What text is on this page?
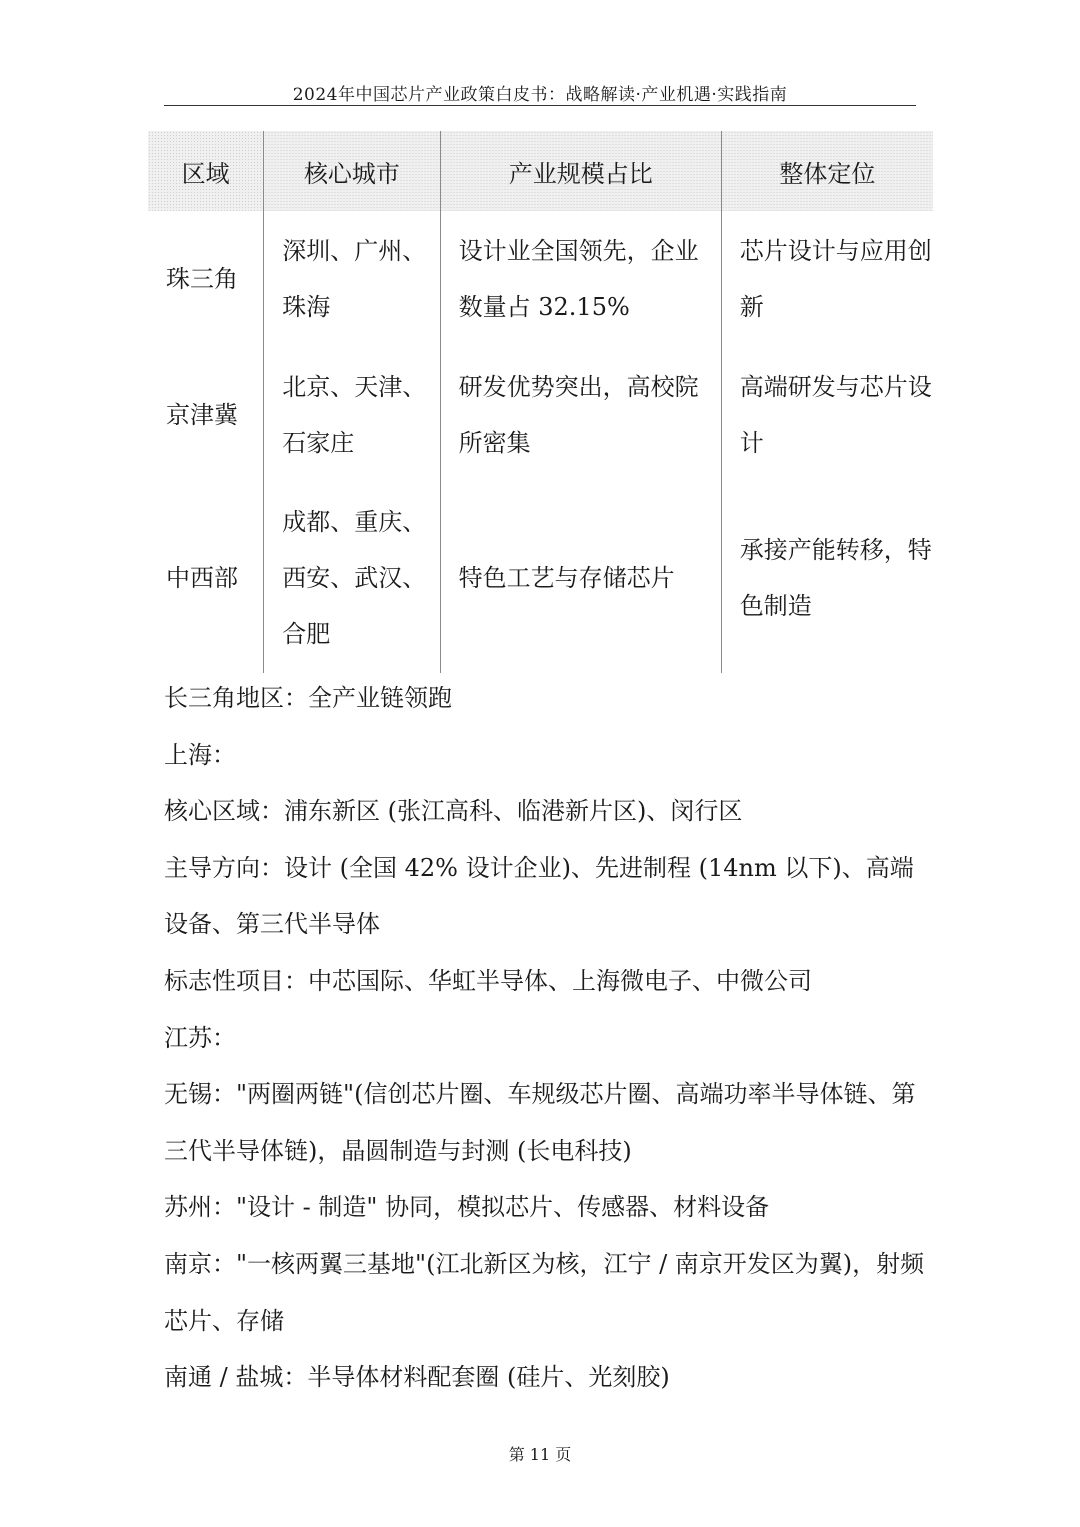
2024年中国芯片产业政策白皮书：战略解读·产业机遇·实践指南
区域	核心城市	产业规模占比	整体定位
珠三角	深圳、广州、珠海	设计业全国领先，企业数量占 32.15%	芯片设计与应用创新
京津冀	北京、天津、石家庄	研发优势突出，高校院所密集	高端研发与芯片设计
中西部	成都、重庆、西安、武汉、合肥	特色工艺与存储芯片	承接产能转移，特色制造

长三角地区：全产业链领跑

上海：

核心区域：浦东新区 (张江高科、临港新片区)、闵行区

主导方向：设计 (全国 42% 设计企业)、先进制程 (14nm 以下)、高端设备、第三代半导体

标志性项目：中芯国际、华虹半导体、上海微电子、中微公司

江苏：

无锡："两圈两链"(信创芯片圈、车规级芯片圈、高端功率半导体链、第三代半导体链)，晶圆制造与封测 (长电科技)

苏州："设计 - 制造" 协同，模拟芯片、传感器、材料设备

南京："一核两翼三基地"(江北新区为核，江宁 / 南京开发区为翼)，射频芯片、存储

南通 / 盐城：半导体材料配套圈 (硅片、光刻胶)

第 11 页
